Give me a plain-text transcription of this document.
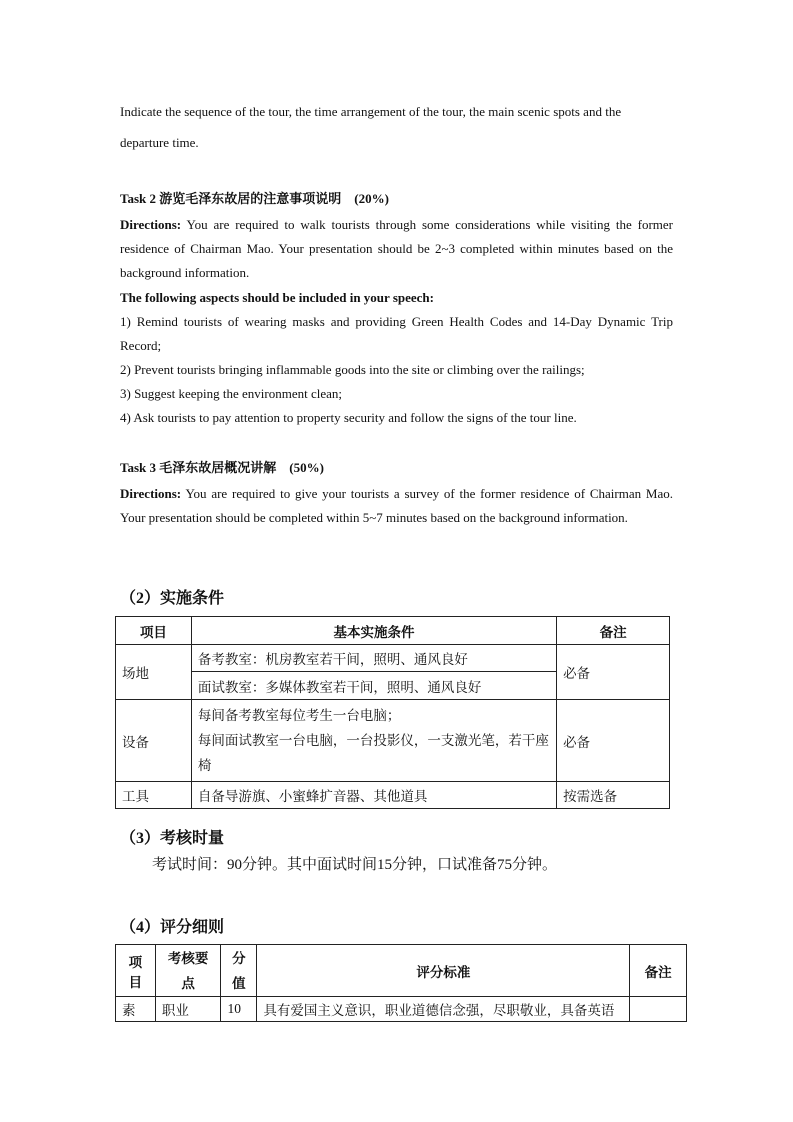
Indicate the sequence of the tour, the time arrangement of the tour, the main scenic spots and the

departure time.

Task 2 游览毛泽东故居的注意事项说明 (20%)

Directions: You are required to walk tourists through some considerations while visiting the former residence of Chairman Mao. Your presentation should be 2~3 completed within minutes based on the background information.

The following aspects should be included in your speech:

1) Remind tourists of wearing masks and providing Green Health Codes and 14-Day Dynamic Trip Record;

2) Prevent tourists bringing inflammable goods into the site or climbing over the railings;

3) Suggest keeping the environment clean;

4) Ask tourists to pay attention to property security and follow the signs of the tour line.

Task 3 毛泽东故居概况讲解 (50%)

Directions: You are required to give your tourists a survey of the former residence of Chairman Mao. Your presentation should be completed within 5~7 minutes based on the background information.

（2）实施条件

项目	基本实施条件	备注
场地	备考教室：机房教室若干间，照明、通风良好	必备
	面试教室：多媒体教室若干间，照明、通风良好	
设备	每间备考教室每位考生一台电脑；
每间面试教室一台电脑，一台投影仪，一支激光笔，若干座椅	必备
工具	自备导游旗、小蜜蜂扩音器、其他道具	按需选备

（3）考核时量

考试时间：90分钟。其中面试时间15分钟，口试准备75分钟。

（4）评分细则

项目	考核要点	分值	评分标准	备注
素	职业	10	具有爱国主义意识，职业道德信念强，尽职敬业，具备英语	
